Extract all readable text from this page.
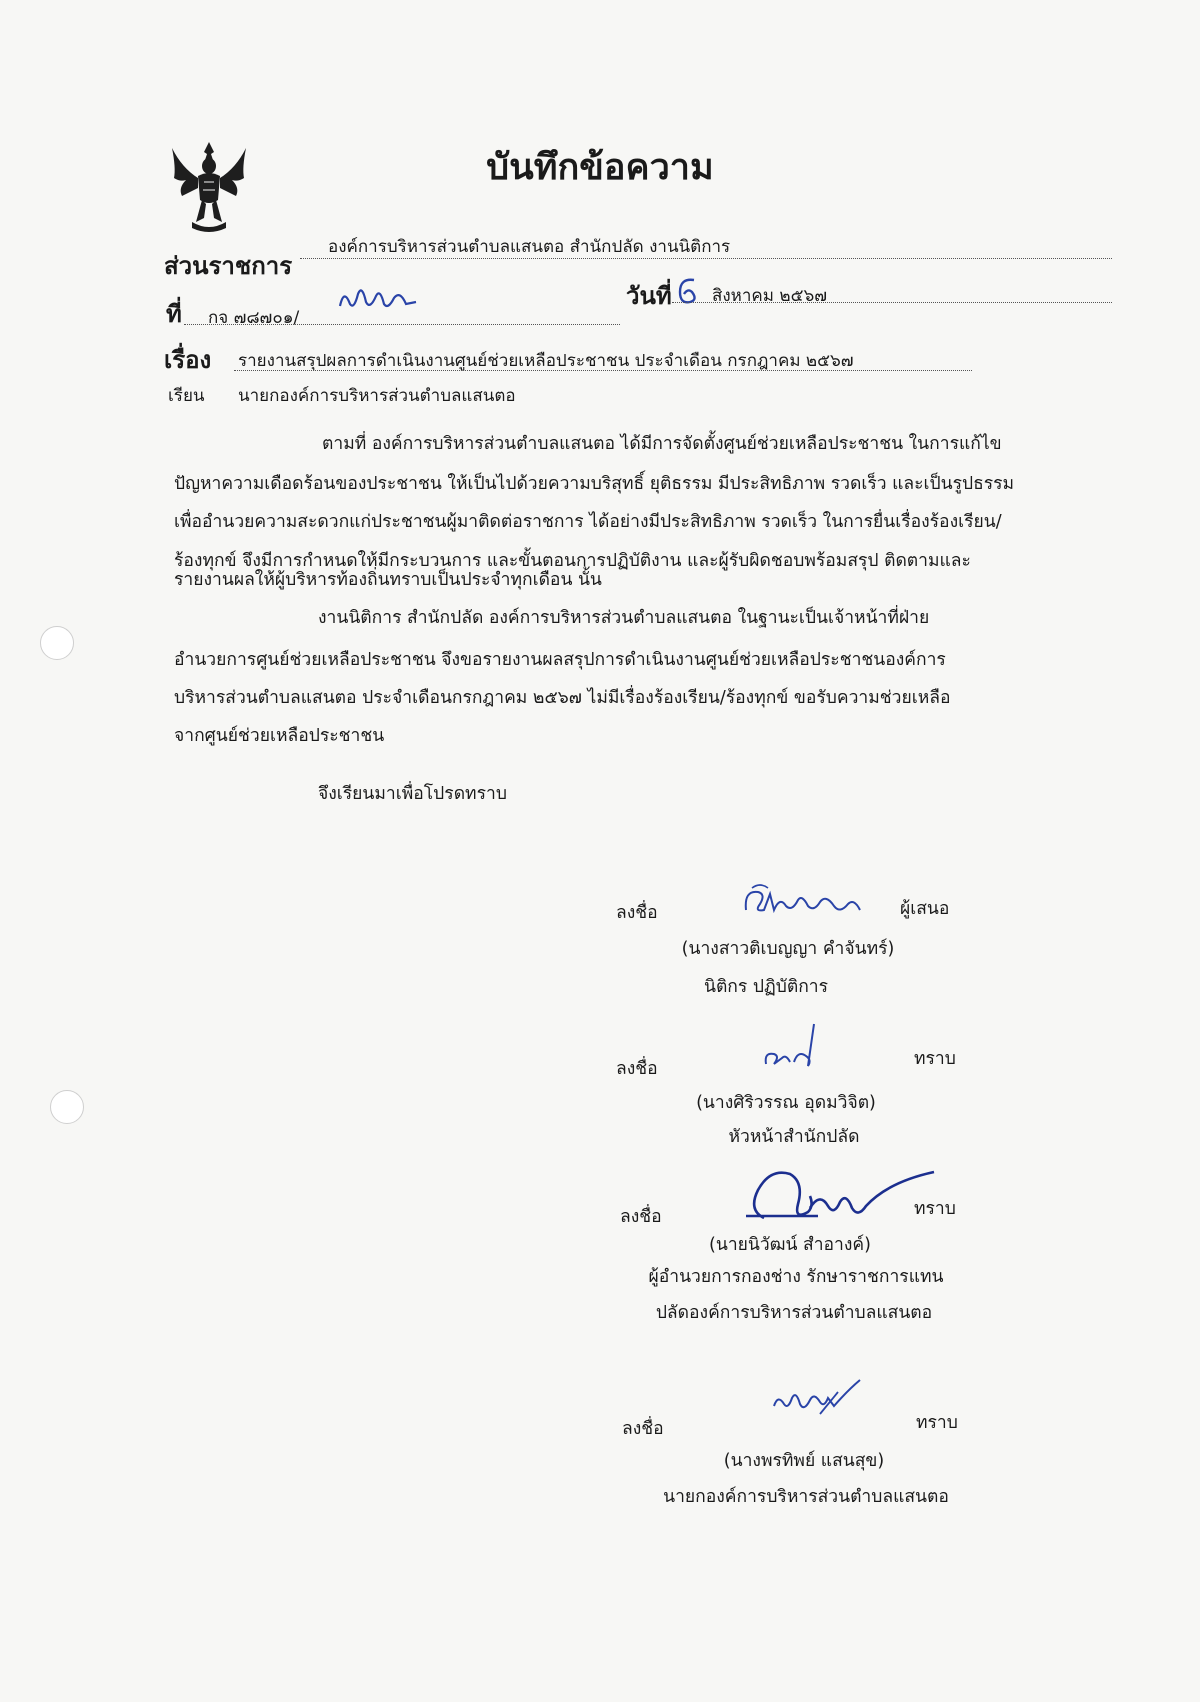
บันทึกข้อความ
ส่วนราชการ
องค์การบริหารส่วนตำบลแสนตอ สำนักปลัด งานนิติการ
ที่ กจ ๗๘๗๐๑/
วันที่ สิงหาคม ๒๕๖๗
เรื่อง รายงานสรุปผลการดำเนินงานศูนย์ช่วยเหลือประชาชน ประจำเดือน กรกฎาคม ๒๕๖๗
เรียน นายกองค์การบริหารส่วนตำบลแสนตอ
ตามที่ องค์การบริหารส่วนตำบลแสนตอ ได้มีการจัดตั้งศูนย์ช่วยเหลือประชาชน ในการแก้ไข
ปัญหาความเดือดร้อนของประชาชน ให้เป็นไปด้วยความบริสุทธิ์ ยุติธรรม มีประสิทธิภาพ รวดเร็ว และเป็นรูปธรรม
เพื่ออำนวยความสะดวกแก่ประชาชนผู้มาติดต่อราชการ ได้อย่างมีประสิทธิภาพ รวดเร็ว ในการยื่นเรื่องร้องเรียน/
ร้องทุกข์ จึงมีการกำหนดให้มีกระบวนการ และขั้นตอนการปฏิบัติงาน และผู้รับผิดชอบพร้อมสรุป ติดตามและ
รายงานผลให้ผู้บริหารท้องถิ่นทราบเป็นประจำทุกเดือน นั้น
งานนิติการ สำนักปลัด องค์การบริหารส่วนตำบลแสนตอ ในฐานะเป็นเจ้าหน้าที่ฝ่าย
อำนวยการศูนย์ช่วยเหลือประชาชน จึงขอรายงานผลสรุปการดำเนินงานศูนย์ช่วยเหลือประชาชนองค์การ
บริหารส่วนตำบลแสนตอ ประจำเดือนกรกฎาคม ๒๕๖๗ ไม่มีเรื่องร้องเรียน/ร้องทุกข์ ขอรับความช่วยเหลือ
จากศูนย์ช่วยเหลือประชาชน
จึงเรียนมาเพื่อโปรดทราบ
ลงชื่อ	ผู้เสนอ
(นางสาวติเบญญา คำจันทร์)
นิติกร ปฏิบัติการ
ลงชื่อ	ทราบ
(นางศิริวรรณ อุดมวิจิต)
หัวหน้าสำนักปลัด
ลงชื่อ	ทราบ
(นายนิวัฒน์ สำอางค์)
ผู้อำนวยการกองช่าง รักษาราชการแทน
ปลัดองค์การบริหารส่วนตำบลแสนตอ
ลงชื่อ	ทราบ
(นางพรทิพย์ แสนสุข)
นายกองค์การบริหารส่วนตำบลแสนตอ
